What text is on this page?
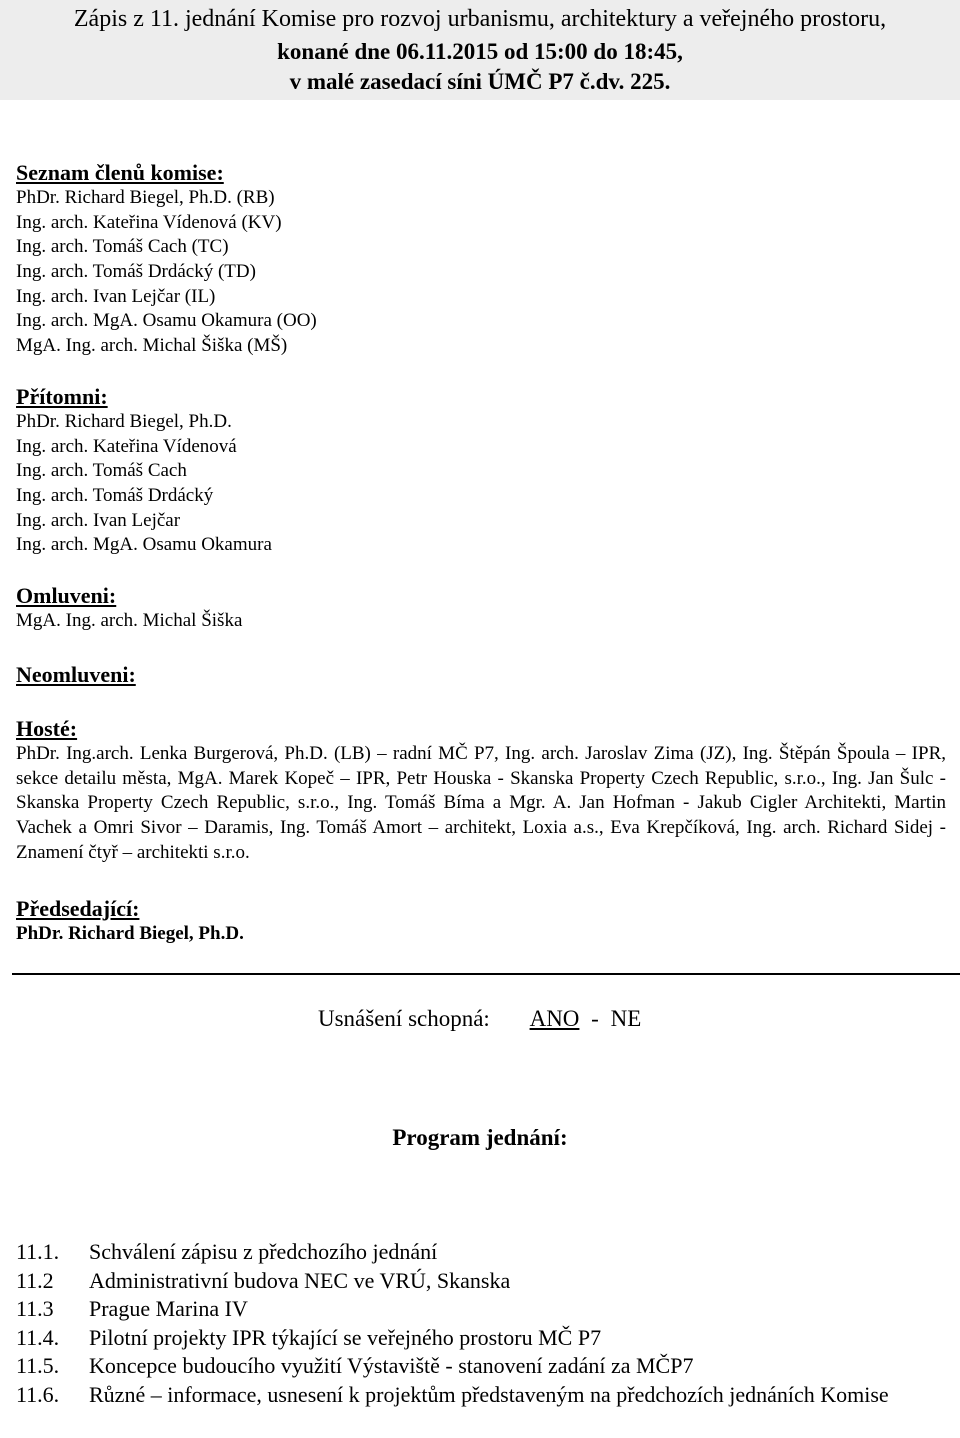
Zápis z 11. jednání Komise pro rozvoj urbanismu, architektury a veřejného prostoru,
konané dne 06.11.2015 od 15:00 do 18:45,
v malé zasedací síni ÚMČ P7 č.dv. 225.
Seznam členů komise:
PhDr. Richard Biegel, Ph.D. (RB)
Ing. arch. Kateřina Vídenová (KV)
Ing. arch. Tomáš Cach (TC)
Ing. arch. Tomáš Drdácký (TD)
Ing. arch. Ivan Lejčar (IL)
Ing. arch. MgA. Osamu Okamura (OO)
MgA. Ing. arch. Michal Šiška (MŠ)
Přítomni:
PhDr. Richard Biegel, Ph.D.
Ing. arch. Kateřina Vídenová
Ing. arch. Tomáš Cach
Ing. arch. Tomáš Drdácký
Ing. arch. Ivan Lejčar
Ing. arch. MgA. Osamu Okamura
Omluveni:
MgA. Ing. arch. Michal Šiška
Neomluveni:
Hosté:
PhDr. Ing.arch. Lenka Burgerová, Ph.D. (LB) – radní MČ P7, Ing. arch. Jaroslav Zima (JZ), Ing. Štěpán Špoula – IPR, sekce detailu města, MgA. Marek Kopeč – IPR, Petr Houska - Skanska Property Czech Republic, s.r.o., Ing. Jan Šulc - Skanska Property Czech Republic, s.r.o., Ing. Tomáš Bíma a Mgr. A. Jan Hofman - Jakub Cigler Architekti, Martin Vachek a Omri Sivor – Daramis, Ing. Tomáš Amort – architekt, Loxia a.s., Eva Krepčíková, Ing. arch. Richard Sidej - Znamení čtyř – architekti s.r.o.
Předsedající:
PhDr. Richard Biegel, Ph.D.
Usnášení schopná: ANO - NE
Program jednání:
11.1.	Schválení zápisu z předchozího jednání
11.2	Administrativní budova NEC ve VRÚ, Skanska
11.3	Prague Marina IV
11.4.	Pilotní projekty IPR týkající se veřejného prostoru MČ P7
11.5.	Koncepce budoucího využití Výstaviště - stanovení zadání za MČP7
11.6.	Různé – informace, usnesení k projektům představeným na předchozích jednáních Komise
